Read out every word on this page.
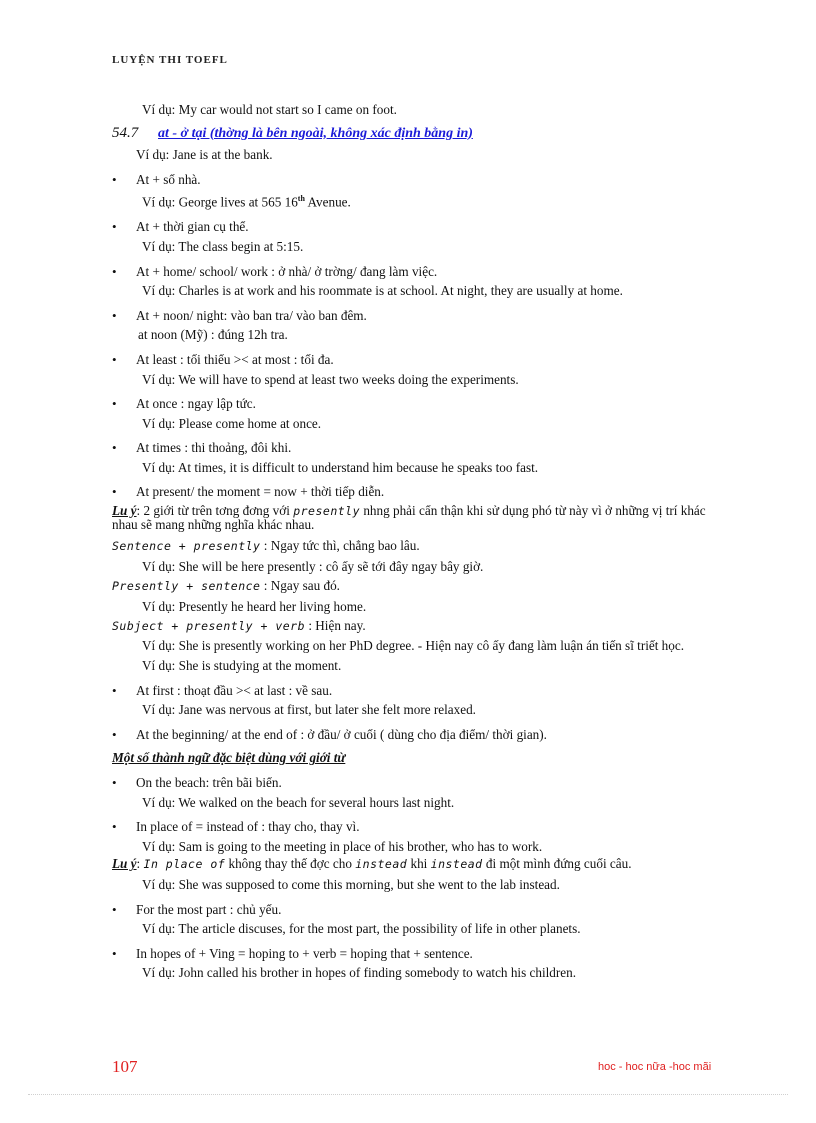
LUYỆN THI TOEFL

Ví dụ: My car would not start so I came on foot.

54.7	at - ở tại (thờng là bên ngoài, không xác định bằng in)

Ví dụ: Jane is at the bank.

•	At + số nhà.
Ví dụ: George lives at 565 16th Avenue.
•	At + thời gian cụ thể.
Ví dụ: The class begin at 5:15.
•	At + home/ school/ work : ở nhà/ ở trờng/ đang làm việc.
Ví dụ: Charles is at work and his roommate is at school. At night, they are usually at home.
•	At + noon/ night: vào ban tra/ vào ban đêm.
at noon (Mỹ) : đúng 12h tra.
•	At least : tối thiểu >< at most : tối đa.
Ví dụ: We will have to spend at least two weeks doing the experiments.
•	At once : ngay lập tức.
Ví dụ: Please come home at once.
•	At times : thi thoảng, đôi khi.
Ví dụ: At times, it is difficult to understand him because he speaks too fast.
•	At present/ the moment = now + thời tiếp diễn.
Lu ý: 2 giới từ trên tơng đơng với presently nhng phải cẩn thận khi sử dụng phó từ này vì ở những vị trí khác nhau sẽ mang những nghĩa khác nhau.
Sentence + presently : Ngay tức thì, chẳng bao lâu.

Ví dụ: She will be here presently : cô ấy sẽ tới đây ngay bây giờ.

Presently + sentence : Ngay sau đó.

Ví dụ: Presently he heard her living home.

Subject + presently + verb : Hiện nay.

Ví dụ: She is presently working on her PhD degree. - Hiện nay cô ấy đang làm luận án tiến sĩ triết học.

Ví dụ: She is studying at the moment.

•	At first : thoạt đầu >< at last : về sau.
Ví dụ: Jane was nervous at first, but later she felt more relaxed.
•	At the beginning/ at the end of : ở đầu/ ở cuối ( dùng cho địa điểm/ thời gian).
Một số thành ngữ đặc biệt dùng với giới từ
•	On the beach: trên bãi biển.
Ví dụ: We walked on the beach for several hours last night.
•	In place of = instead of : thay cho, thay vì.
Ví dụ: Sam is going to the meeting in place of his brother, who has to work.
Lu ý: In place of không thay thế đợc cho instead khi instead đi một mình đứng cuối câu.

Ví dụ: She was supposed to come this morning, but she went to the lab instead.

•	For the most part : chủ yếu.
Ví dụ: The article discuses, for the most part, the possibility of life in other planets.
•	In hopes of + Ving = hoping to + verb = hoping that + sentence.
Ví dụ: John called his brother in hopes of finding somebody to watch his children.
107	hoc - hoc nữa -hoc mãi
